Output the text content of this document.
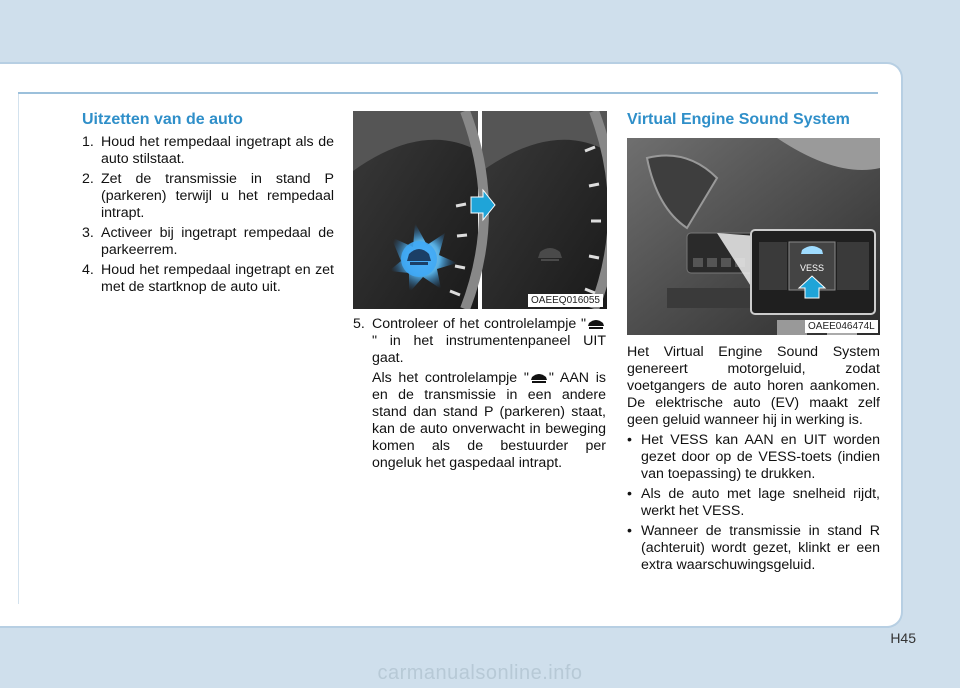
Uitzetten van de auto
1. Houd het rempedaal ingetrapt als de auto stilstaat.
2. Zet de transmissie in stand P (parkeren) terwijl u het rempedaal intrapt.
3. Activeer bij ingetrapt rempedaal de parkeerrem.
4. Houd het rempedaal ingetrapt en zet met de startknop de auto uit.
OAEEQ016055
5. Controleer of het controlelampje "" in het instrumentenpaneel UIT gaat.

Als het controlelampje " " AAN is en de transmissie in een andere stand dan stand P (parkeren) staat, kan de auto onverwacht in beweging komen als de bestuurder per ongeluk het gaspedaal intrapt.

Virtual Engine Sound System
VESS
OAEE046474L

Het Virtual Engine Sound System genereert motorgeluid, zodat voetgangers de auto horen aankomen. De elektrische auto (EV) maakt zelf geen geluid wanneer hij in werking is.

• Het VESS kan AAN en UIT worden gezet door op de VESS-toets (indien van toepassing) te drukken.
• Als de auto met lage snelheid rijdt, werkt het VESS.
• Wanneer de transmissie in stand R (achteruit) wordt gezet, klinkt er een extra waarschuwingsgeluid.
H45
carmanualsonline.info
